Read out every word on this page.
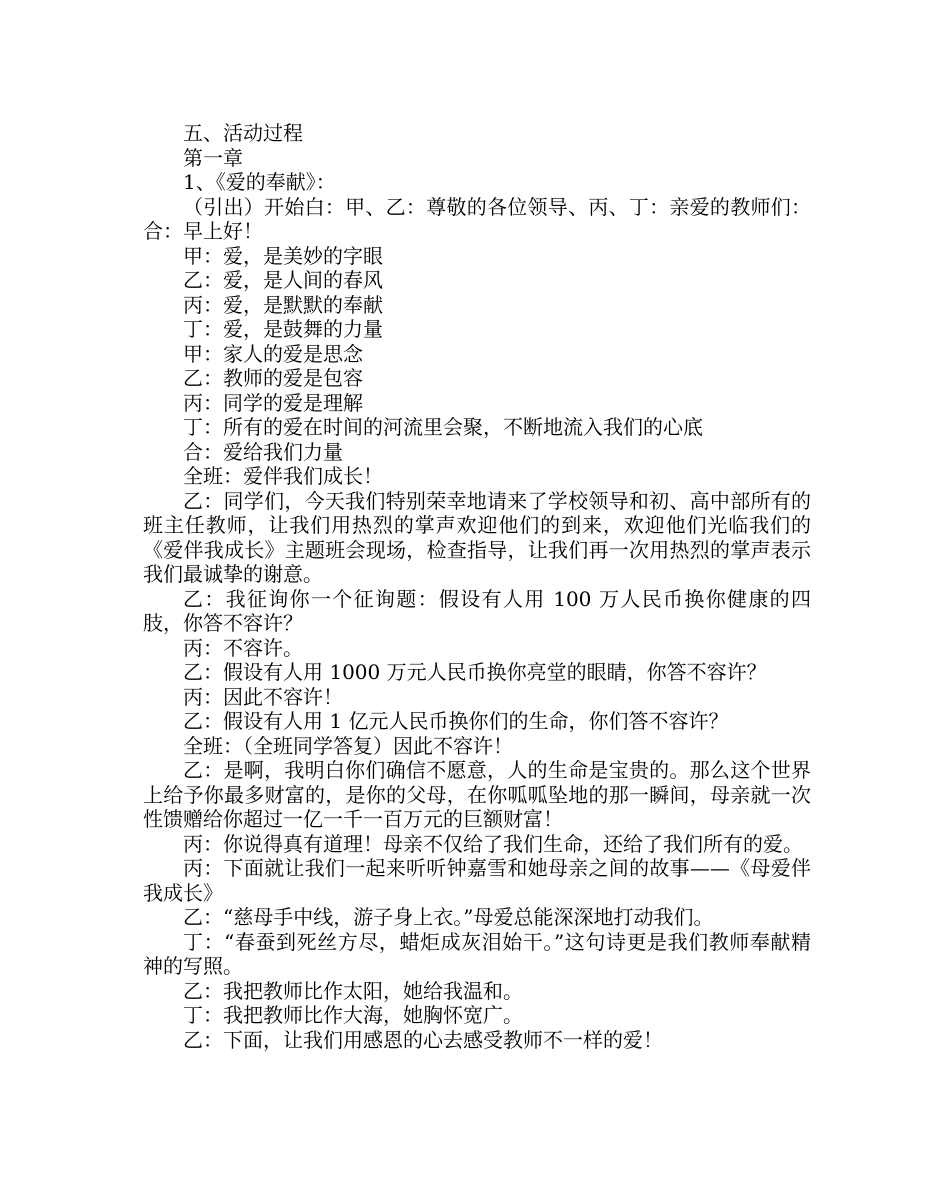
五、活动过程

第一章

1、《爱的奉献》：

（引出）开始白：甲、乙：尊敬的各位领导、丙、丁：亲爱的教师们：合：早上好！

甲：爱，是美妙的字眼

乙：爱，是人间的春风

丙：爱，是默默的奉献

丁：爱，是鼓舞的力量

甲：家人的爱是思念

乙：教师的爱是包容

丙：同学的爱是理解

丁：所有的爱在时间的河流里会聚，不断地流入我们的心底

合：爱给我们力量

全班：爱伴我们成长！

乙：同学们，今天我们特别荣幸地请来了学校领导和初、高中部所有的班主任教师，让我们用热烈的掌声欢迎他们的到来，欢迎他们光临我们的《爱伴我成长》主题班会现场，检查指导，让我们再一次用热烈的掌声表示我们最诚挚的谢意。

乙：我征询你一个征询题：假设有人用 100 万人民币换你健康的四肢，你答不容许？

丙：不容许。

乙：假设有人用 1000 万元人民币换你亮堂的眼睛，你答不容许？

丙：因此不容许！

乙：假设有人用 1 亿元人民币换你们的生命，你们答不容许？

全班：（全班同学答复）因此不容许！

乙：是啊，我明白你们确信不愿意，人的生命是宝贵的。那么这个世界上给予你最多财富的，是你的父母，在你呱呱坠地的那一瞬间，母亲就一次性馈赠给你超过一亿一千一百万元的巨额财富！

丙：你说得真有道理！母亲不仅给了我们生命，还给了我们所有的爱。

丙：下面就让我们一起来听听钟嘉雪和她母亲之间的故事——《母爱伴我成长》

乙：“慈母手中线，游子身上衣。”母爱总能深深地打动我们。

丁：“春蚕到死丝方尽，蜡炬成灰泪始干。”这句诗更是我们教师奉献精神的写照。

乙：我把教师比作太阳，她给我温和。

丁：我把教师比作大海，她胸怀宽广。

乙：下面，让我们用感恩的心去感受教师不一样的爱！
